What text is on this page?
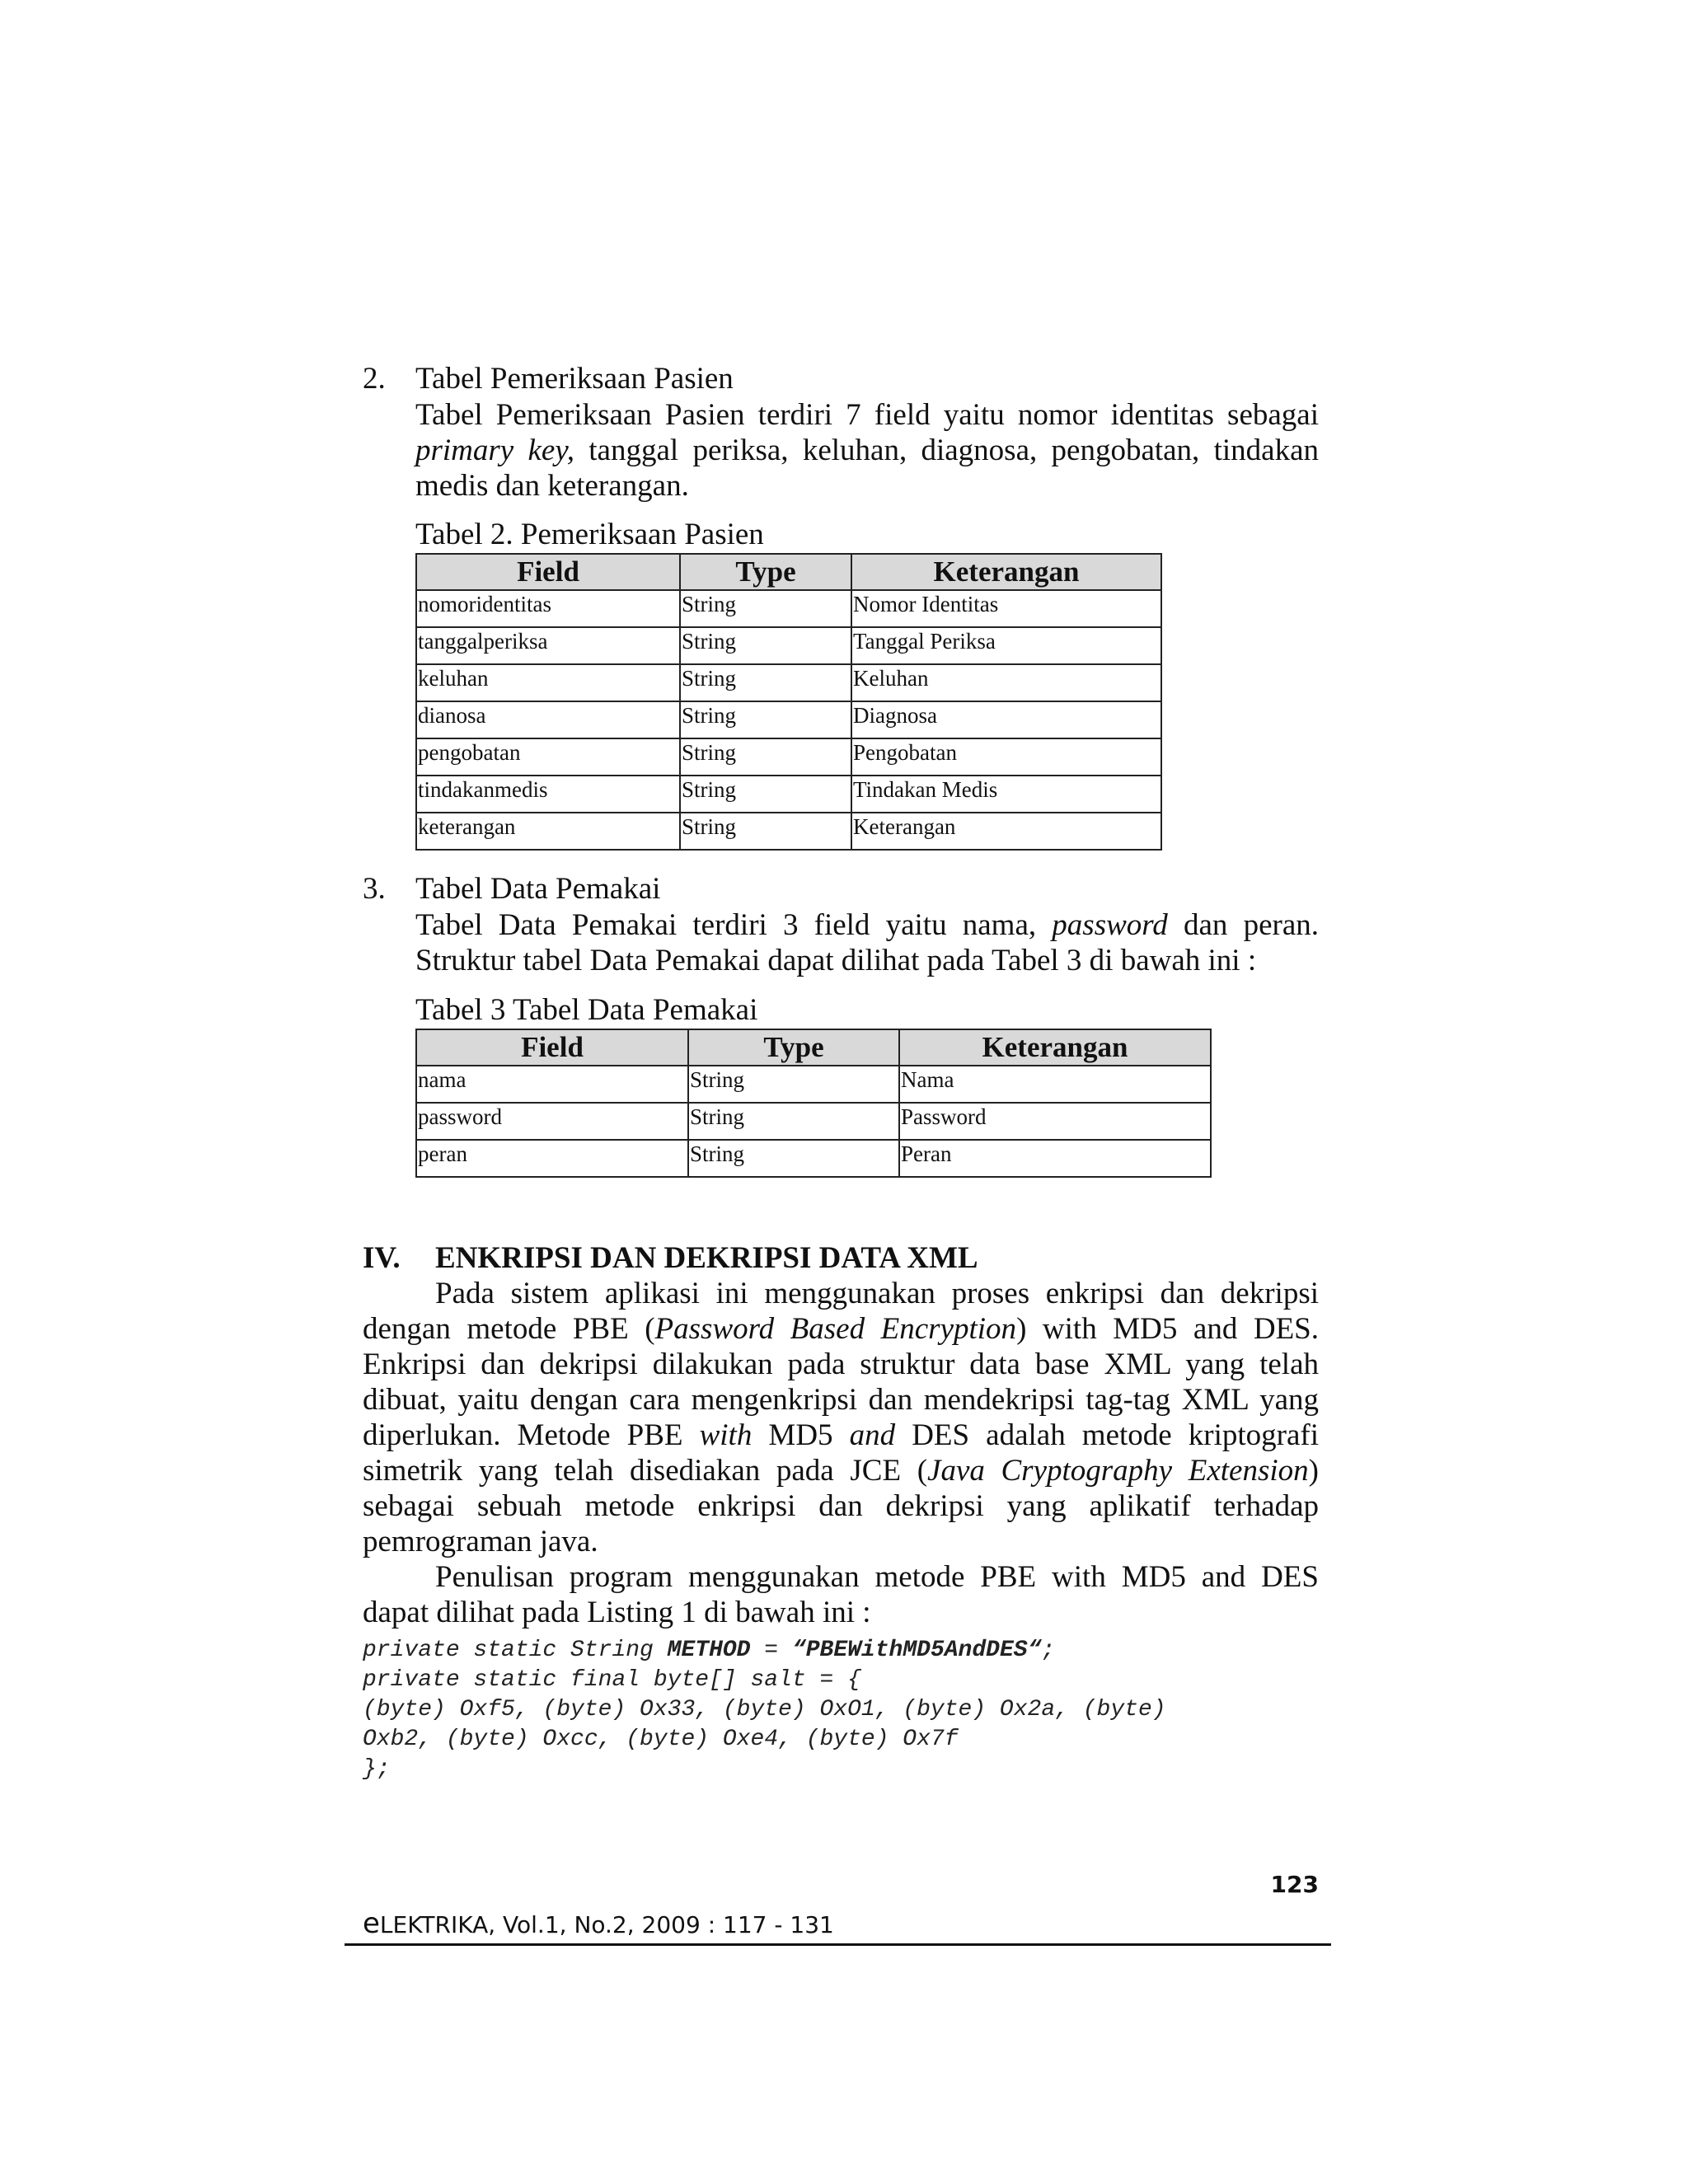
2. Tabel Pemeriksaan Pasien
Tabel Pemeriksaan Pasien terdiri 7 field yaitu nomor identitas sebagai primary key, tanggal periksa, keluhan, diagnosa, pengobatan, tindakan medis dan keterangan.
Tabel 2. Pemeriksaan Pasien
Field	Type	Keterangan
nomoridentitas	String	Nomor Identitas
tanggalperiksa	String	Tanggal Periksa
keluhan	String	Keluhan
dianosa	String	Diagnosa
pengobatan	String	Pengobatan
tindakanmedis	String	Tindakan Medis
keterangan	String	Keterangan
3. Tabel Data Pemakai
Tabel Data Pemakai terdiri 3 field yaitu nama, password dan peran. Struktur tabel Data Pemakai dapat dilihat pada Tabel 3 di bawah ini :
Tabel 3 Tabel Data Pemakai
Field	Type	Keterangan
nama	String	Nama
password	String	Password
peran	String	Peran
IV. ENKRIPSI DAN DEKRIPSI DATA XML
Pada sistem aplikasi ini menggunakan proses enkripsi dan dekripsi dengan metode PBE (Password Based Encryption) with MD5 and DES. Enkripsi dan dekripsi dilakukan pada struktur data base XML yang telah dibuat, yaitu dengan cara mengenkripsi dan mendekripsi tag-tag XML yang diperlukan. Metode PBE with MD5 and DES adalah metode kriptografi simetrik yang telah disediakan pada JCE (Java Cryptography Extension) sebagai sebuah metode enkripsi dan dekripsi yang aplikatif terhadap pemrograman java.
Penulisan program menggunakan metode PBE with MD5 and DES dapat dilihat pada Listing 1 di bawah ini :
private static String METHOD = “PBEWithMD5AndDES“;
private static final byte[] salt = {
(byte) Oxf5, (byte) Ox33, (byte) OxO1, (byte) Ox2a, (byte)
Oxb2, (byte) Oxcc, (byte) Oxe4, (byte) Ox7f
};
123
eLEKTRIKA, Vol.1, No.2, 2009 : 117 - 131
